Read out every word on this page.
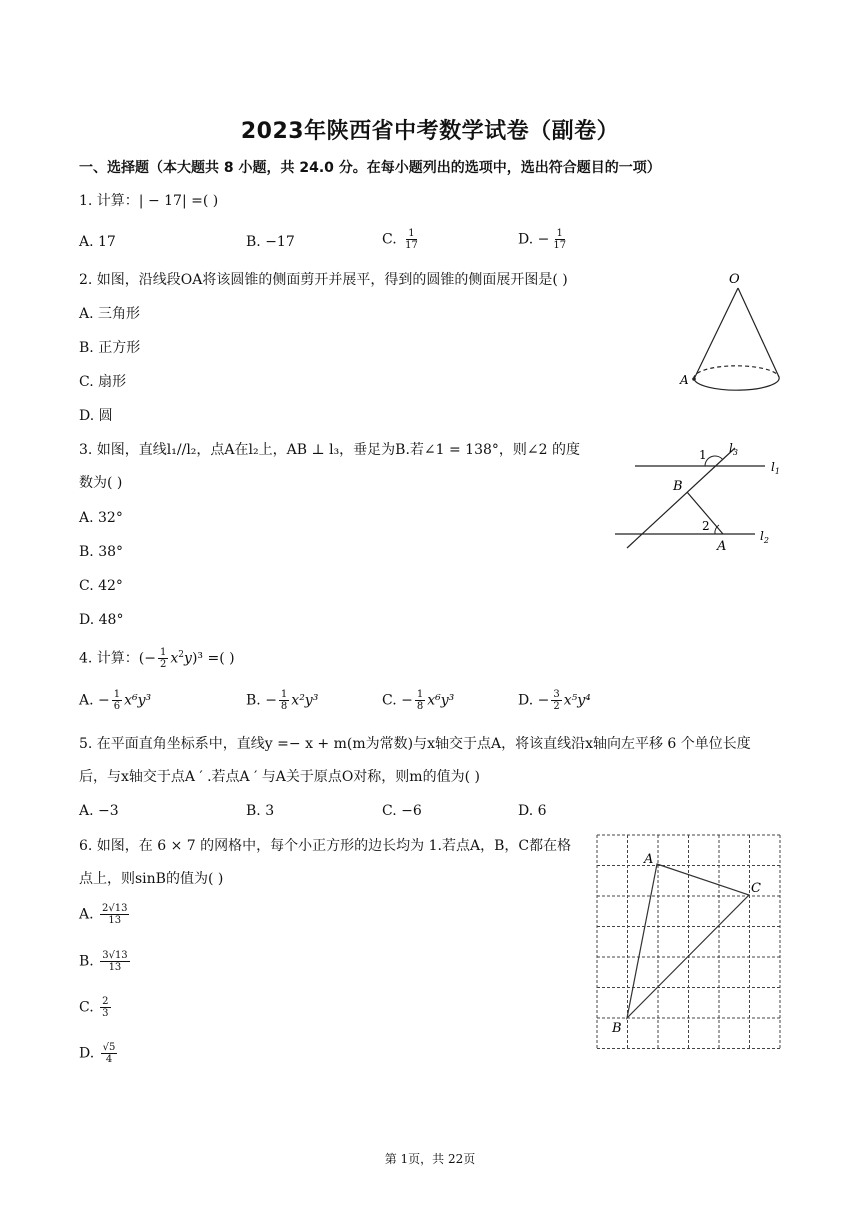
2023年陕西省中考数学试卷（副卷）
一、选择题（本大题共 8 小题，共 24.0 分。在每小题列出的选项中，选出符合题目的一项）
1. 计算：| − 17| =( )
A. 17	B. −17	C. $\frac{1}{17}$	D. − $\frac{1}{17}$
2. 如图，沿线段OA将该圆锥的侧面剪开并展平，得到的圆锥的侧面展开图是( )
A. 三角形
B. 正方形
C. 扇形
D. 圆
O
A
3. 如图，直线l₁//l₂，点A在l₂上，AB ⊥ l₃，垂足为B.若∠1 = 138°，则∠2 的度
数为( )
A. 32°
B. 38°
C. 42°
D. 48°
1
2
B
A
$l_3$
$l_1$
$l_2$
4. 计算：(− $\frac{1}{2} x^2y)^3$ =( )
A. − $\frac{1}{6} x^6y^3$	B. − $\frac{1}{8} x^2y^3$	C. − $\frac{1}{8} x^6y^3$	D. − $\frac{3}{2} x^5y^4$
5. 在平面直角坐标系中，直线y =− x + m(m为常数)与x轴交于点A，将该直线沿x轴向左平移 6 个单位长度
后，与x轴交于点A ′ .若点A ′ 与A关于原点O对称，则m的值为( )
A. −3	B. 3	C. −6	D. 6
6. 如图，在 6 × 7 的网格中，每个小正方形的边长均为 1.若点A，B，C都在格
点上，则sinB的值为( )
A. $\frac{2√13}{13}$
B. $\frac{3√13}{13}$
C. $\frac{2}{3}$
D. $\frac{√5}{4}$
A
C
B
第 1页，共 22页
